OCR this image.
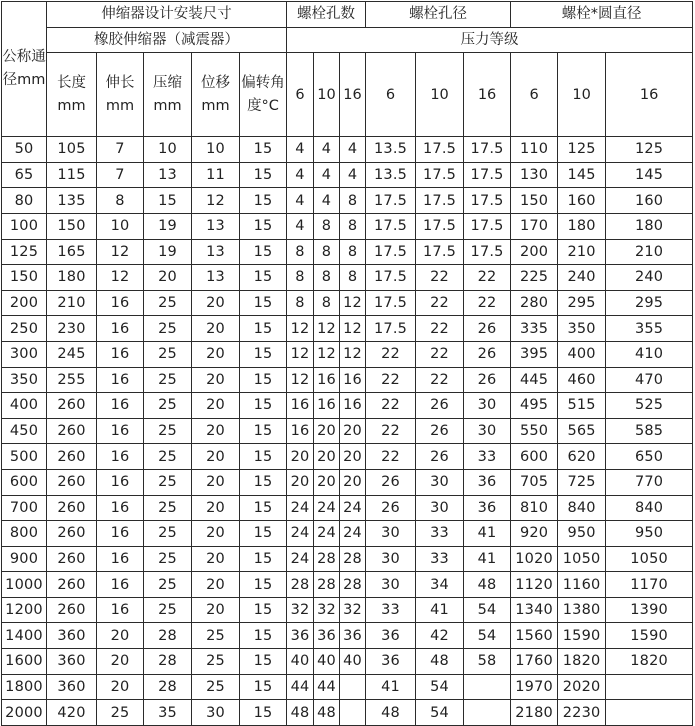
公称通径mm	伸缩器设计安装尺寸					螺栓孔数			螺栓孔径			螺栓*圆直径		
	橡胶伸缩器（减震器）					压力等级								
	长度mm	伸长mm	压缩mm	位移mm	偏转角度°C	6	10	16	6	10	16	6	10	16
50	105	7	10	10	15	4	4	4	13.5	17.5	17.5	110	125	125
65	115	7	13	11	15	4	4	4	13.5	17.5	17.5	130	145	145
80	135	8	15	12	15	4	4	8	17.5	17.5	17.5	150	160	160
100	150	10	19	13	15	4	8	8	17.5	17.5	17.5	170	180	180
125	165	12	19	13	15	8	8	8	17.5	17.5	17.5	200	210	210
150	180	12	20	13	15	8	8	8	17.5	22	22	225	240	240
200	210	16	25	20	15	8	8	12	17.5	22	22	280	295	295
250	230	16	25	20	15	12	12	12	17.5	22	26	335	350	355
300	245	16	25	20	15	12	12	12	22	22	26	395	400	410
350	255	16	25	20	15	12	16	16	22	22	26	445	460	470
400	260	16	25	20	15	16	16	16	22	26	30	495	515	525
450	260	16	25	20	15	16	20	20	22	26	30	550	565	585
500	260	16	25	20	15	20	20	20	22	26	33	600	620	650
600	260	16	25	20	15	20	20	20	26	30	36	705	725	770
700	260	16	25	20	15	24	24	24	26	30	36	810	840	840
800	260	16	25	20	15	24	24	24	30	33	41	920	950	950
900	260	16	25	20	15	24	28	28	30	33	41	1020	1050	1050
1000	260	16	25	20	15	28	28	28	30	34	48	1120	1160	1170
1200	260	16	25	20	15	32	32	32	33	41	54	1340	1380	1390
1400	360	20	28	25	15	36	36	36	36	42	54	1560	1590	1590
1600	360	20	28	25	15	40	40	40	36	48	58	1760	1820	1820
1800	360	20	28	25	15	44	44		41	54		1970	2020	
2000	420	25	35	30	15	48	48		48	54		2180	2230	
